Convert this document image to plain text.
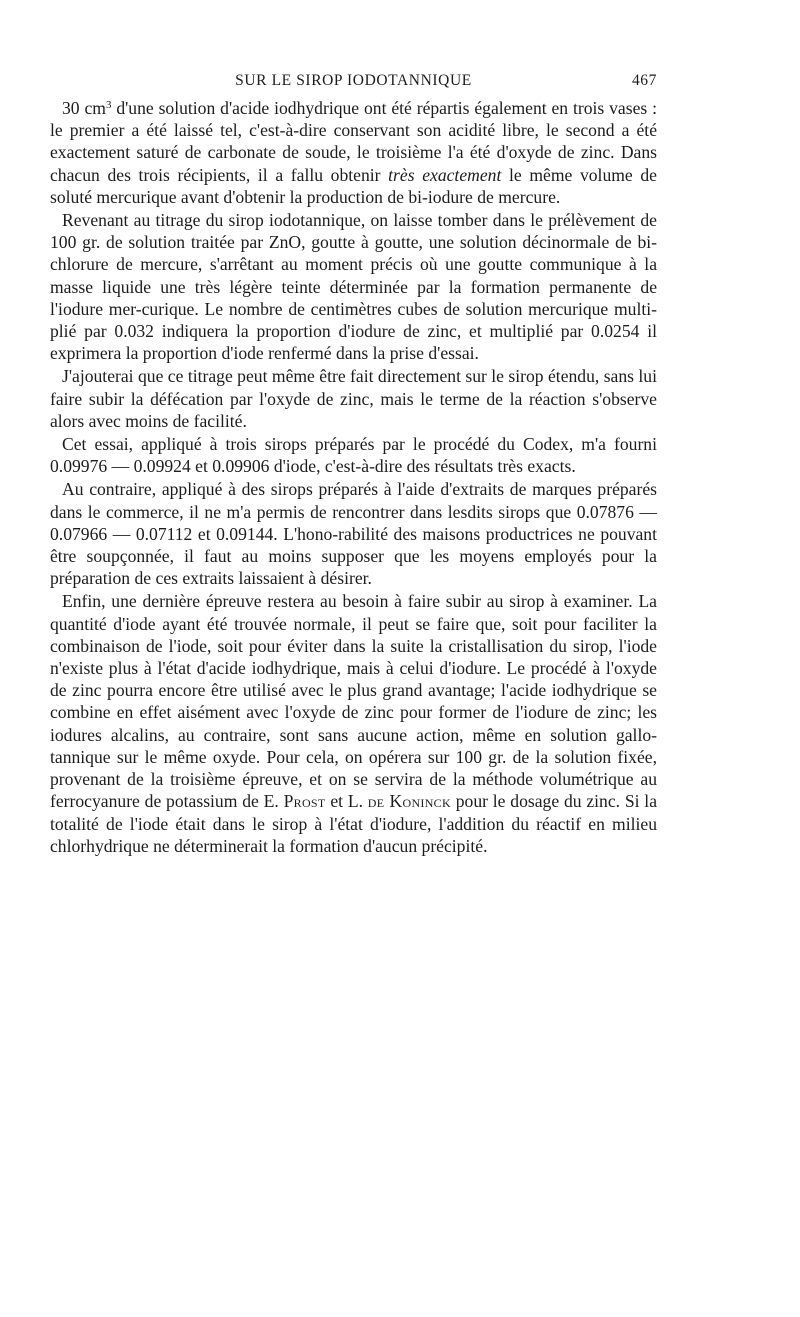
SUR LE SIROP IODOTANNIQUE	467

30 $cm^3$ d'une solution d'acide iodhydrique ont été répartis également en trois vases : le premier a été laissé tel, c'est-à-dire conservant son acidité libre, le second a été exactement saturé de carbonate de soude, le troisième l'a été d'oxyde de zinc. Dans chacun des trois récipients, il a fallu obtenir très exactement le même volume de soluté mercurique avant d'obtenir la production de bi-iodure de mercure.

Revenant au titrage du sirop iodotannique, on laisse tomber dans le prélèvement de 100 gr. de solution traitée par ZnO, goutte à goutte, une solution décinormale de bi-chlorure de mercure, s'arrêtant au moment précis où une goutte communique à la masse liquide une très légère teinte déterminée par la formation permanente de l'iodure mer-curique. Le nombre de centimètres cubes de solution mercurique multi-plié par 0.032 indiquera la proportion d'iodure de zinc, et multiplié par 0.0254 il exprimera la proportion d'iode renfermé dans la prise d'essai.

J'ajouterai que ce titrage peut même être fait directement sur le sirop étendu, sans lui faire subir la défécation par l'oxyde de zinc, mais le terme de la réaction s'observe alors avec moins de facilité.

Cet essai, appliqué à trois sirops préparés par le procédé du Codex, m'a fourni 0.09976 — 0.09924 et 0.09906 d'iode, c'est-à-dire des résultats très exacts.

Au contraire, appliqué à des sirops préparés à l'aide d'extraits de marques préparés dans le commerce, il ne m'a permis de rencontrer dans lesdits sirops que 0.07876 — 0.07966 — 0.07112 et 0.09144. L'hono-rabilité des maisons productrices ne pouvant être soupçonnée, il faut au moins supposer que les moyens employés pour la préparation de ces extraits laissaient à désirer.

Enfin, une dernière épreuve restera au besoin à faire subir au sirop à examiner. La quantité d'iode ayant été trouvée normale, il peut se faire que, soit pour faciliter la combinaison de l'iode, soit pour éviter dans la suite la cristallisation du sirop, l'iode n'existe plus à l'état d'acide iodhydrique, mais à celui d'iodure. Le procédé à l'oxyde de zinc pourra encore être utilisé avec le plus grand avantage; l'acide iodhydrique se combine en effet aisément avec l'oxyde de zinc pour former de l'iodure de zinc; les iodures alcalins, au contraire, sont sans aucune action, même en solution gallo-tannique sur le même oxyde. Pour cela, on opérera sur 100 gr. de la solution fixée, provenant de la troisième épreuve, et on se servira de la méthode volumétrique au ferrocyanure de potassium de E. Prost et L. de Koninck pour le dosage du zinc. Si la totalité de l'iode était dans le sirop à l'état d'iodure, l'addition du réactif en milieu chlorhydrique ne déterminerait la formation d'aucun précipité.
